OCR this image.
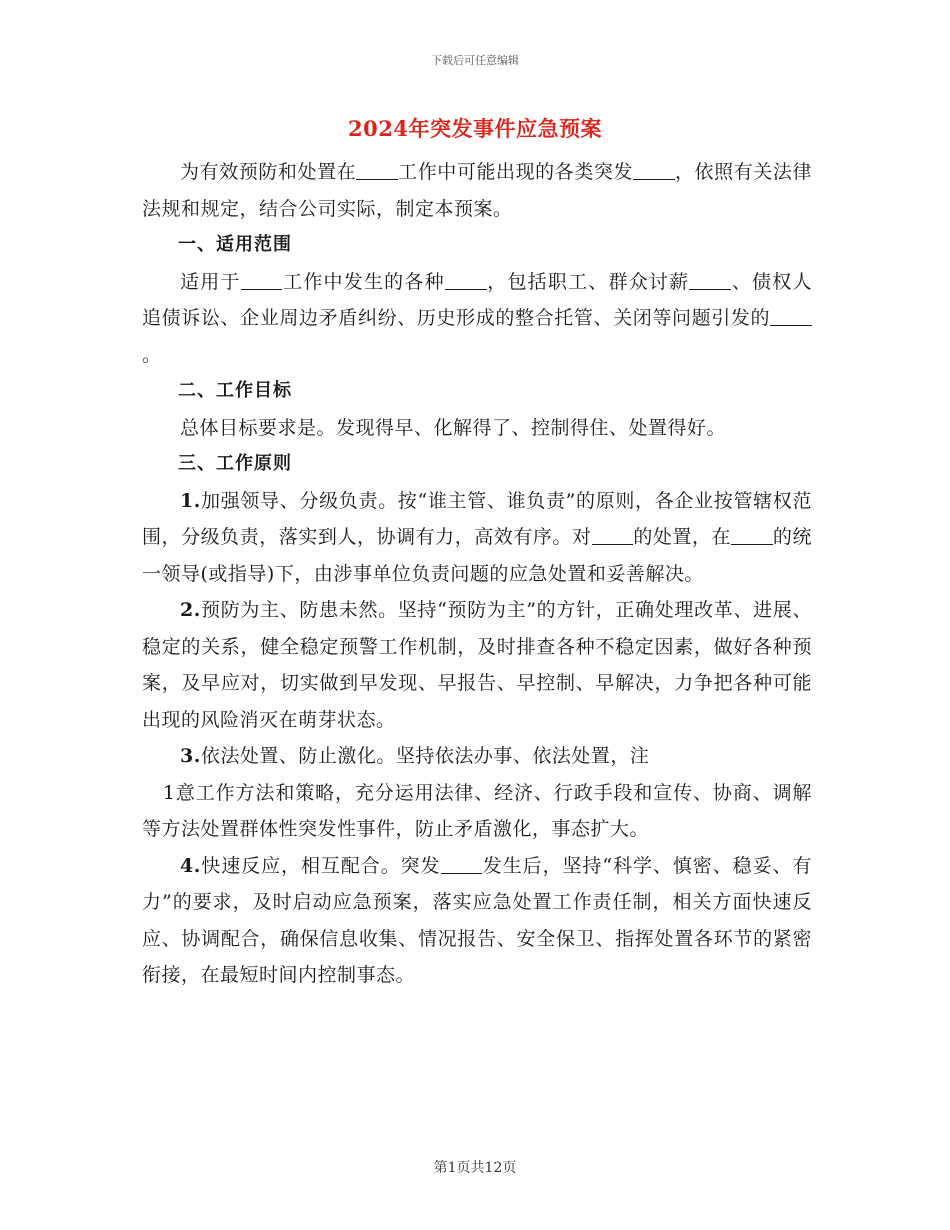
下载后可任意编辑
2024年突发事件应急预案

为有效预防和处置在 工作中可能出现的各类突发 ，依照有关法律法规和规定，结合公司实际，制定本预案。

一、适用范围

适用于 工作中发生的各种 ，包括职工、群众讨薪 、债权人追债诉讼、企业周边矛盾纠纷、历史形成的整合托管、关闭等问题引发的。

二、工作目标

总体目标要求是。发现得早、化解得了、控制得住、处置得好。

三、工作原则

1.加强领导、分级负责。按“谁主管、谁负责”的原则，各企业按管辖权范围，分级负责，落实到人，协调有力，高效有序。对 的处置，在 的统一领导(或指导)下，由涉事单位负责问题的应急处置和妥善解决。

2.预防为主、防患未然。坚持“预防为主”的方针，正确处理改革、进展、稳定的关系，健全稳定预警工作机制，及时排查各种不稳定因素，做好各种预案，及早应对，切实做到早发现、早报告、早控制、早解决，力争把各种可能出现的风险消灭在萌芽状态。

3.依法处置、防止激化。坚持依法办事、依法处置，注

1意工作方法和策略，充分运用法律、经济、行政手段和宣传、协商、调解等方法处置群体性突发性事件，防止矛盾激化，事态扩大。

4.快速反应，相互配合。突发 发生后，坚持“科学、慎密、稳妥、有力”的要求，及时启动应急预案，落实应急处置工作责任制，相关方面快速反应、协调配合，确保信息收集、情况报告、安全保卫、指挥处置各环节的紧密衔接，在最短时间内控制事态。

第1页共12页
